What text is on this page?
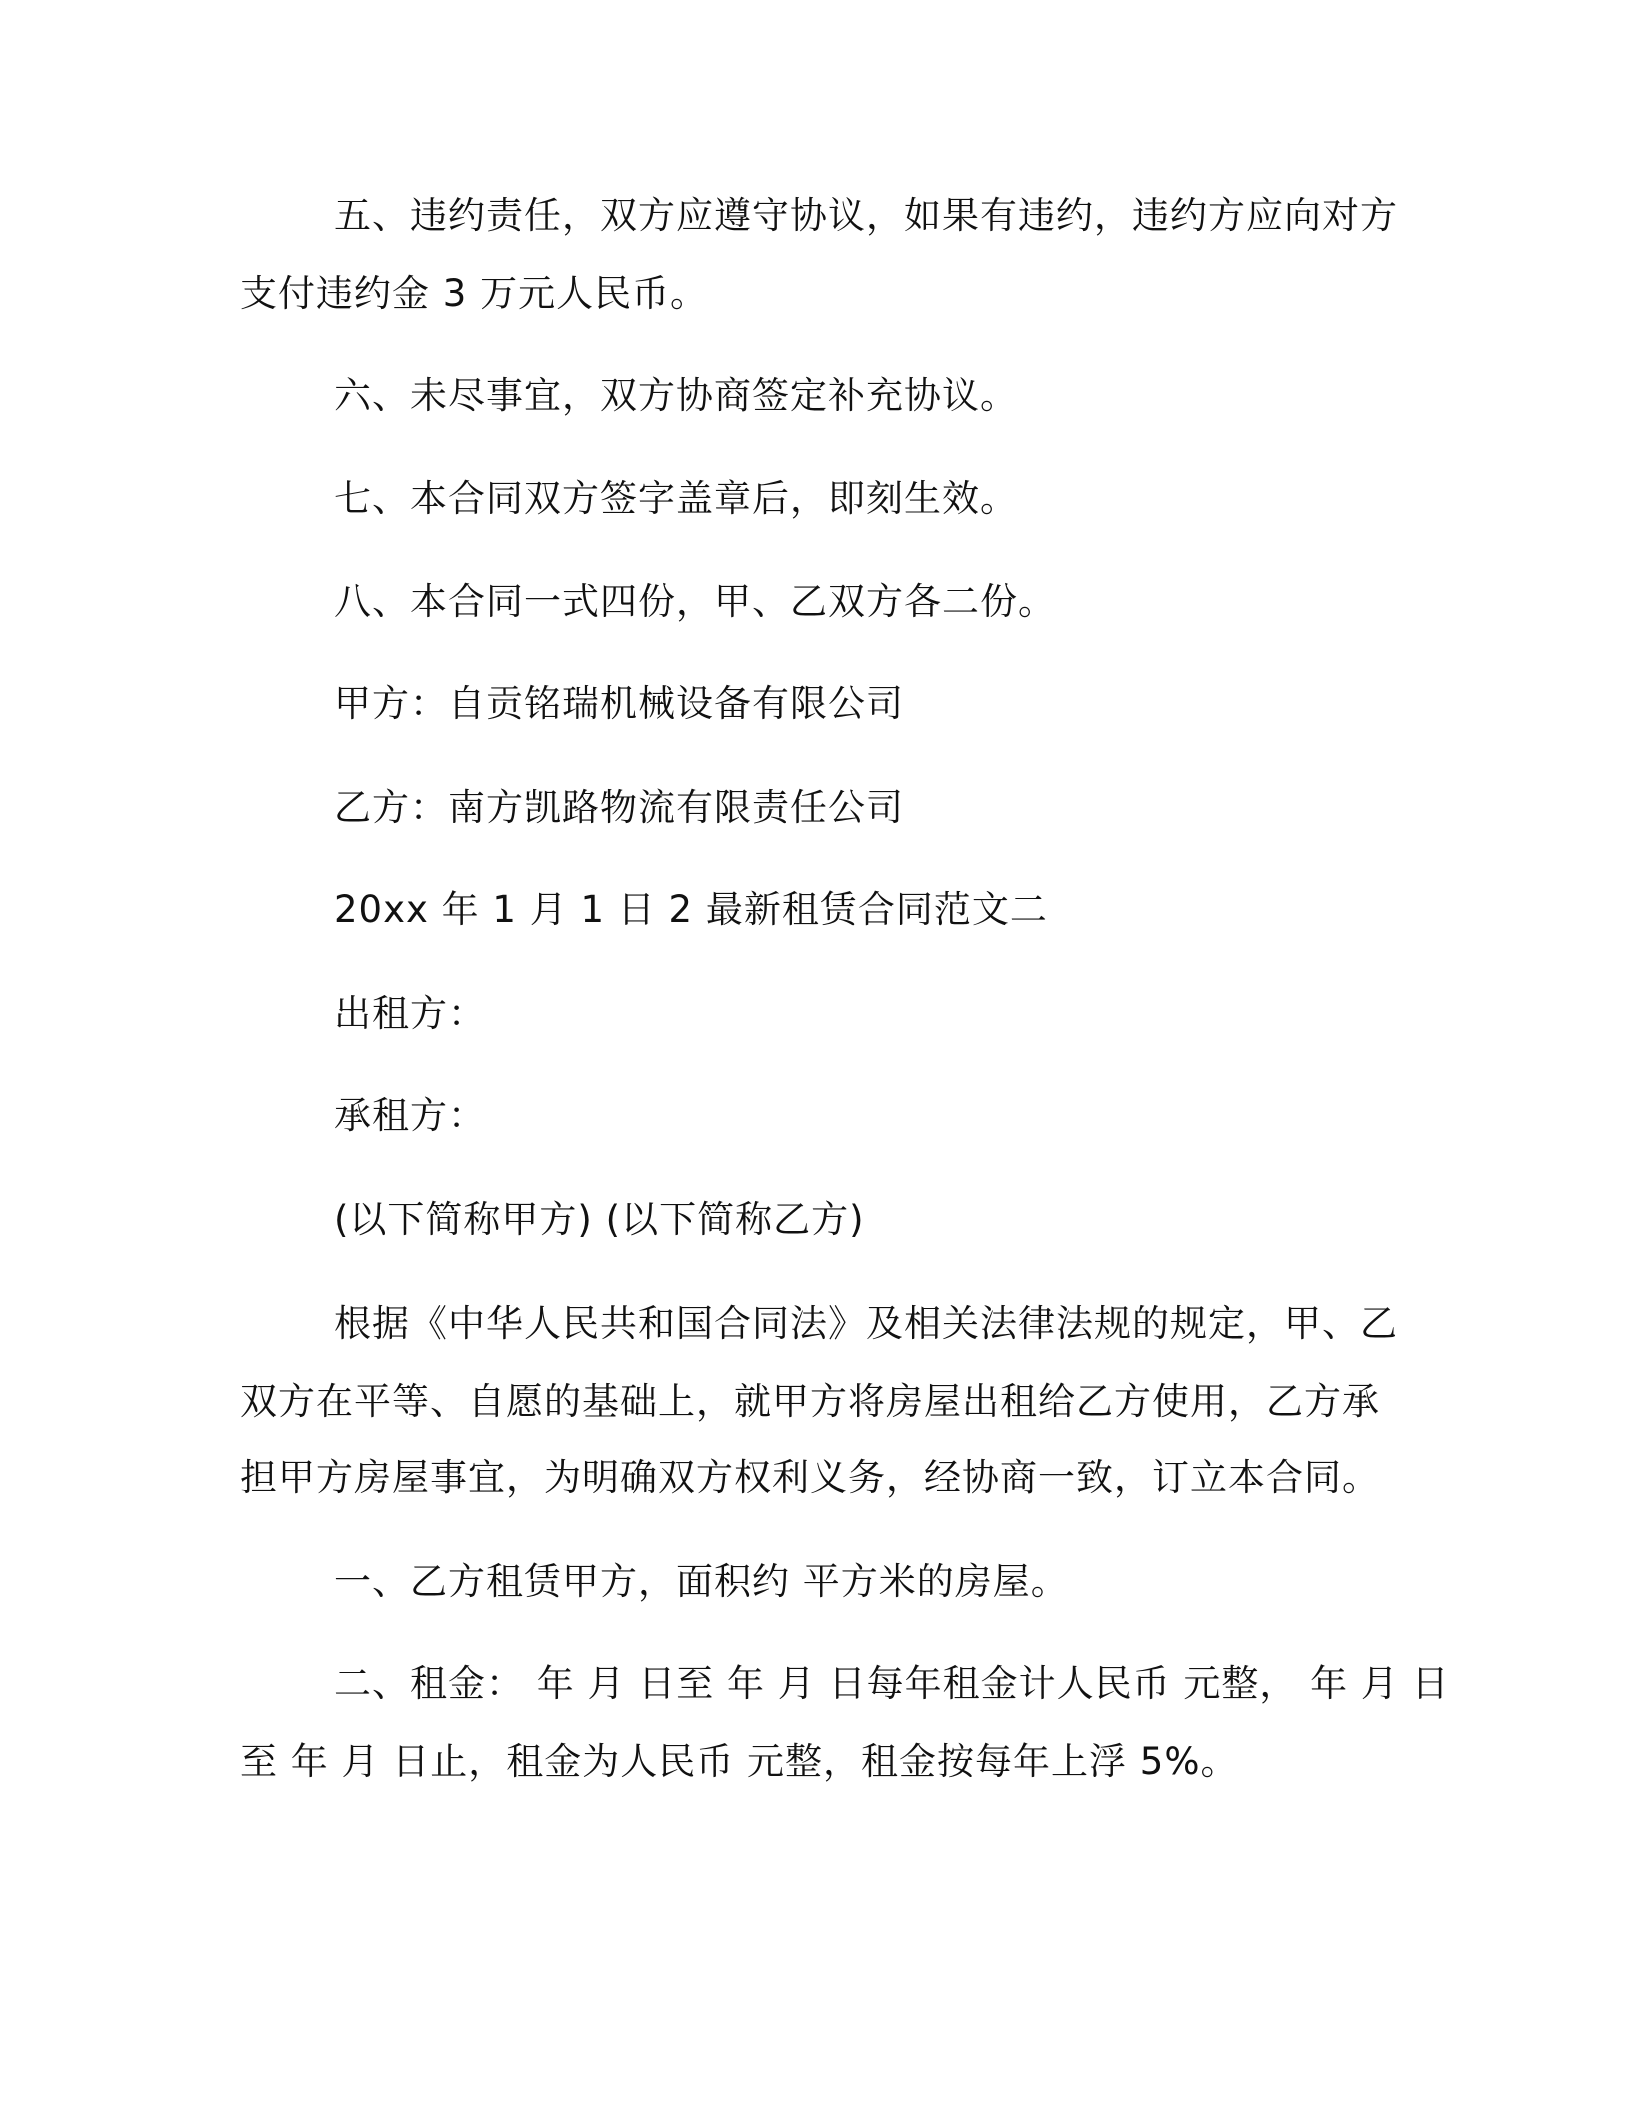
五、违约责任，双方应遵守协议，如果有违约，违约方应向对方
支付违约金 3 万元人民币。
六、未尽事宜，双方协商签定补充协议。
七、本合同双方签字盖章后，即刻生效。
八、本合同一式四份，甲、乙双方各二份。
甲方：自贡铭瑞机械设备有限公司
乙方：南方凯路物流有限责任公司
20xx 年 1 月 1 日 2 最新租赁合同范文二
出租方：
承租方：
(以下简称甲方) (以下简称乙方)
根据《中华人民共和国合同法》及相关法律法规的规定，甲、乙
双方在平等、自愿的基础上，就甲方将房屋出租给乙方使用，乙方承
担甲方房屋事宜，为明确双方权利义务，经协商一致，订立本合同。
一、乙方租赁甲方，面积约 平方米的房屋。
二、租金： 年 月 日至 年 月 日每年租金计人民币 元整， 年 月 日
至 年 月 日止，租金为人民币 元整，租金按每年上浮 5%。
